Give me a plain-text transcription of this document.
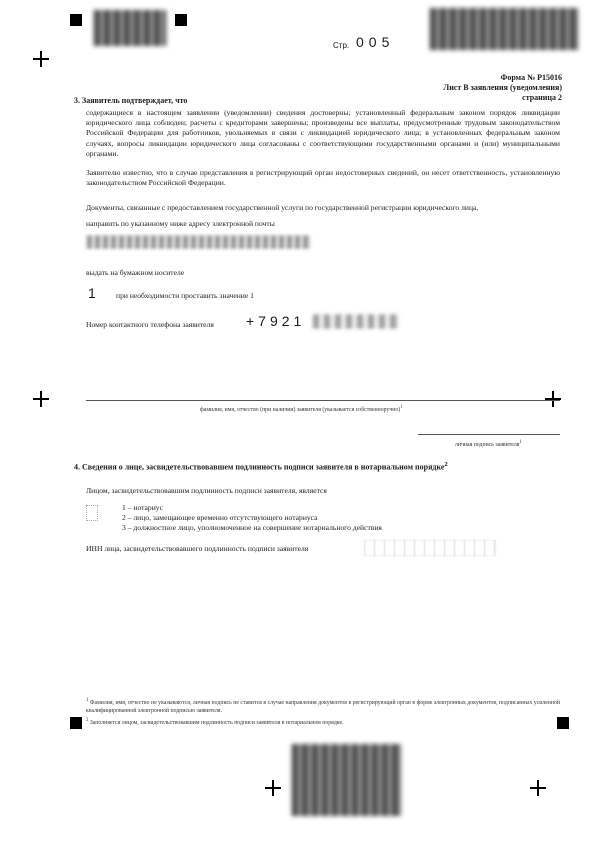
Стр. 005
Форма № Р15016
Лист В заявления (уведомления)
страница 2
3. Заявитель подтверждает, что
содержащиеся в настоящем заявлении (уведомлении) сведения достоверны; установленный федеральным законом порядок ликвидации юридического лица соблюден; расчеты с кредиторами завершены; произведены все выплаты, предусмотренные трудовым законодательством Российской Федерации для работников, увольняемых в связи с ликвидацией юридического лица; в установленных федеральным законом случаях, вопросы ликвидации юридического лица согласованы с соответствующими государственными органами и (или) муниципальными органами.
Заявителю известно, что в случае представления в регистрирующий орган недостоверных сведений, он несет ответственность, установленную законодательством Российской Федерации.
Документы, связанные с предоставлением государственной услуги по государственной регистрации юридического лица,
направить по указанному ниже адресу электронной почты
выдать на бумажном носителе
1	при необходимости проставить значение 1
Номер контактного телефона заявителя +7921
фамилия, имя, отчество (при наличии) заявителя (указывается собственноручно)$^1$
личная подпись заявителя$^1$
4. Сведения о лице, засвидетельствовавшем подлинность подписи заявителя в нотариальном порядке$^2$
Лицом, засвидетельствовавшим подлинность подписи заявителя, является
1 – нотариус
2 – лицо, замещающее временно отсутствующего нотариуса
3 – должностное лицо, уполномоченное на совершение нотариального действия
ИНН лица, засвидетельствовавшего подлинность подписи заявителя
$^1$ Фамилия, имя, отчество не указываются, личная подпись не ставится в случае направления документов в регистрирующий орган в форме электронных документов, подписанных усиленной квалифицированной электронной подписью заявителя.
$^2$ Заполняется лицом, засвидетельствовавшим подлинность подписи заявителя в нотариальном порядке.
